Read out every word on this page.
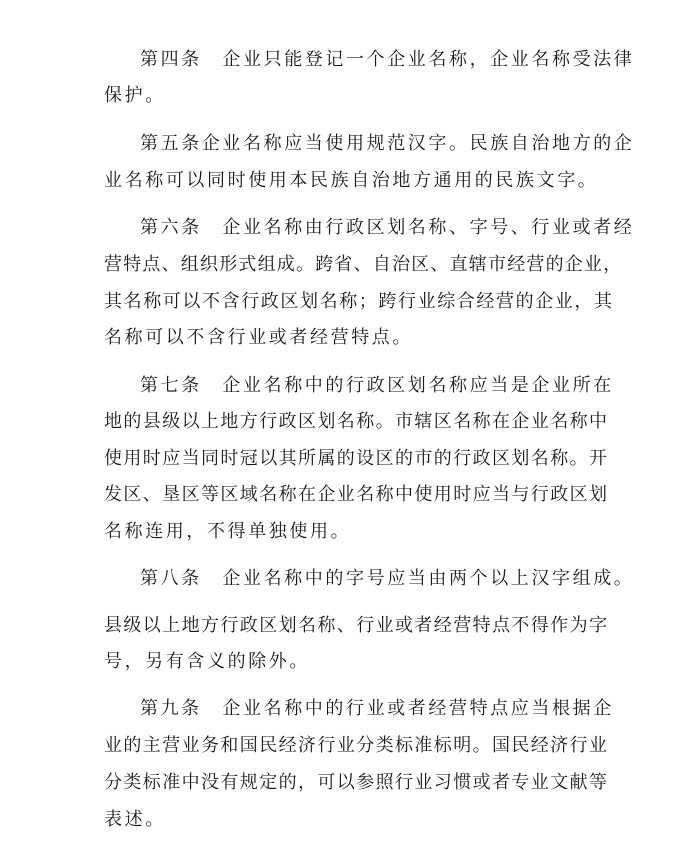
第四条　企业只能登记一个企业名称，企业名称受法律
保护。
第五条企业名称应当使用规范汉字。民族自治地方的企
业名称可以同时使用本民族自治地方通用的民族文字。
第六条　企业名称由行政区划名称、字号、行业或者经
营特点、组织形式组成。跨省、自治区、直辖市经营的企业，
其名称可以不含行政区划名称；跨行业综合经营的企业，其
名称可以不含行业或者经营特点。
第七条　企业名称中的行政区划名称应当是企业所在
地的县级以上地方行政区划名称。市辖区名称在企业名称中
使用时应当同时冠以其所属的设区的市的行政区划名称。开
发区、垦区等区域名称在企业名称中使用时应当与行政区划
名称连用，不得单独使用。
第八条　企业名称中的字号应当由两个以上汉字组成。
县级以上地方行政区划名称、行业或者经营特点不得作为字
号，另有含义的除外。
第九条　企业名称中的行业或者经营特点应当根据企
业的主营业务和国民经济行业分类标准标明。国民经济行业
分类标准中没有规定的，可以参照行业习惯或者专业文献等
表述。
